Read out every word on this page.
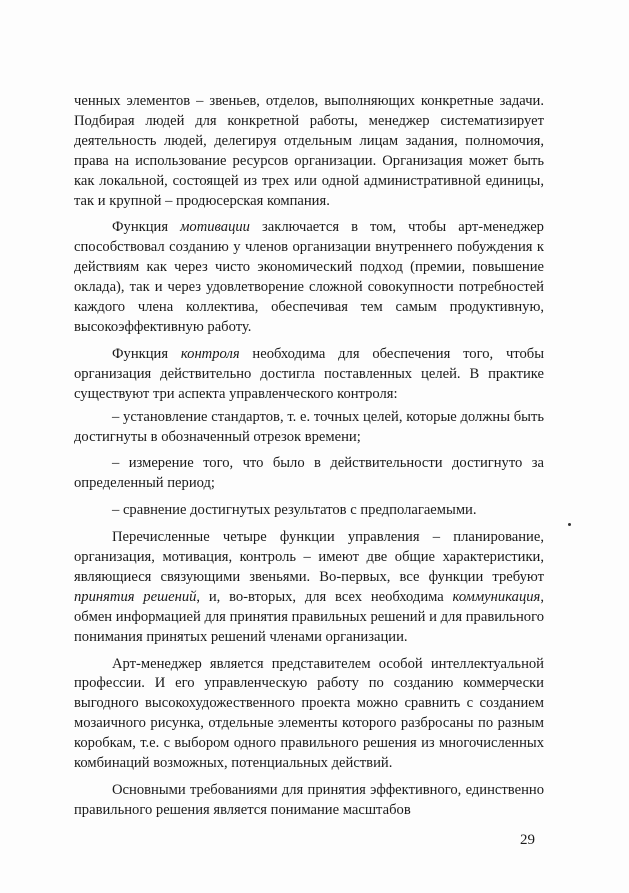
ченных элементов – звеньев, отделов, выполняющих конкретные задачи. Подбирая людей для конкретной работы, менеджер систематизирует деятельность людей, делегируя отдельным лицам задания, полномочия, права на использование ресурсов организации. Организация может быть как локальной, состоящей из трех или одной административной единицы, так и крупной – продюсерская компания.

Функция мотивации заключается в том, чтобы арт-менеджер способствовал созданию у членов организации внутреннего побуждения к действиям как через чисто экономический подход (премии, повышение оклада), так и через удовлетворение сложной совокупности потребностей каждого члена коллектива, обеспечивая тем самым продуктивную, высокоэффективную работу.

Функция контроля необходима для обеспечения того, чтобы организация действительно достигла поставленных целей. В практике существуют три аспекта управленческого контроля:

– установление стандартов, т. е. точных целей, которые должны быть достигнуты в обозначенный отрезок времени;

– измерение того, что было в действительности достигнуто за определенный период;

– сравнение достигнутых результатов с предполагаемыми.

Перечисленные четыре функции управления – планирование, организация, мотивация, контроль – имеют две общие характеристики, являющиеся связующими звеньями. Во-первых, все функции требуют принятия решений, и, во-вторых, для всех необходима коммуникация, обмен информацией для принятия правильных решений и для правильного понимания принятых решений членами организации.

Арт-менеджер является представителем особой интеллектуальной профессии. И его управленческую работу по созданию коммерчески выгодного высокохудожественного проекта можно сравнить с созданием мозаичного рисунка, отдельные элементы которого разбросаны по разным коробкам, т.е. с выбором одного правильного решения из многочисленных комбинаций возможных, потенциальных действий.

Основными требованиями для принятия эффективного, единственно правильного решения является понимание масштабов

29
